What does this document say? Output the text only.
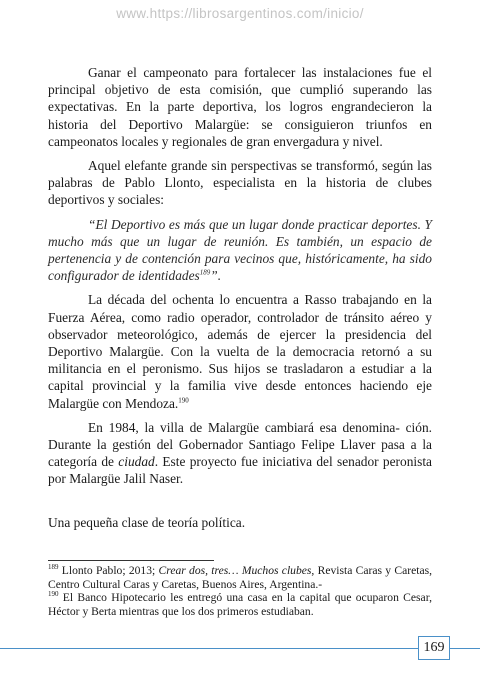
www.https://librosargentinos.com/inicio/

Ganar el campeonato para fortalecer las instalaciones fue el principal objetivo de esta comisión, que cumplió superando las expectativas. En la parte deportiva, los logros engrandecieron la historia del Deportivo Malargüe: se consiguieron triunfos en campeonatos locales y regionales de gran envergadura y nivel.

Aquel elefante grande sin perspectivas se transformó, según las palabras de Pablo Llonto, especialista en la historia de clubes deportivos y sociales:

“El Deportivo es más que un lugar donde practicar deportes. Y mucho más que un lugar de reunión. Es también, un espacio de pertenencia y de contención para vecinos que, históricamente, ha sido configurador de identidades$^{189}$”.

La década del ochenta lo encuentra a Rasso trabajando en la Fuerza Aérea, como radio operador, controlador de tránsito aéreo y observador meteorológico, además de ejercer la presidencia del Deportivo Malargüe. Con la vuelta de la democracia retornó a su militancia en el peronismo. Sus hijos se trasladaron a estudiar a la capital provincial y la familia vive desde entonces haciendo eje Malargüe con Mendoza.$^{190}$

En 1984, la villa de Malargüe cambiará esa denomina- ción. Durante la gestión del Gobernador Santiago Felipe Llaver pasa a la categoría de ciudad. Este proyecto fue iniciativa del senador peronista por Malargüe Jalil Naser.

Una pequeña clase de teoría política.

$^{189}$ Llonto Pablo; 2013; Crear dos, tres… Muchos clubes, Revista Caras y Caretas, Centro Cultural Caras y Caretas, Buenos Aires, Argentina.-
$^{190}$ El Banco Hipotecario les entregó una casa en la capital que ocuparon Cesar, Héctor y Berta mientras que los dos primeros estudiaban.
169
